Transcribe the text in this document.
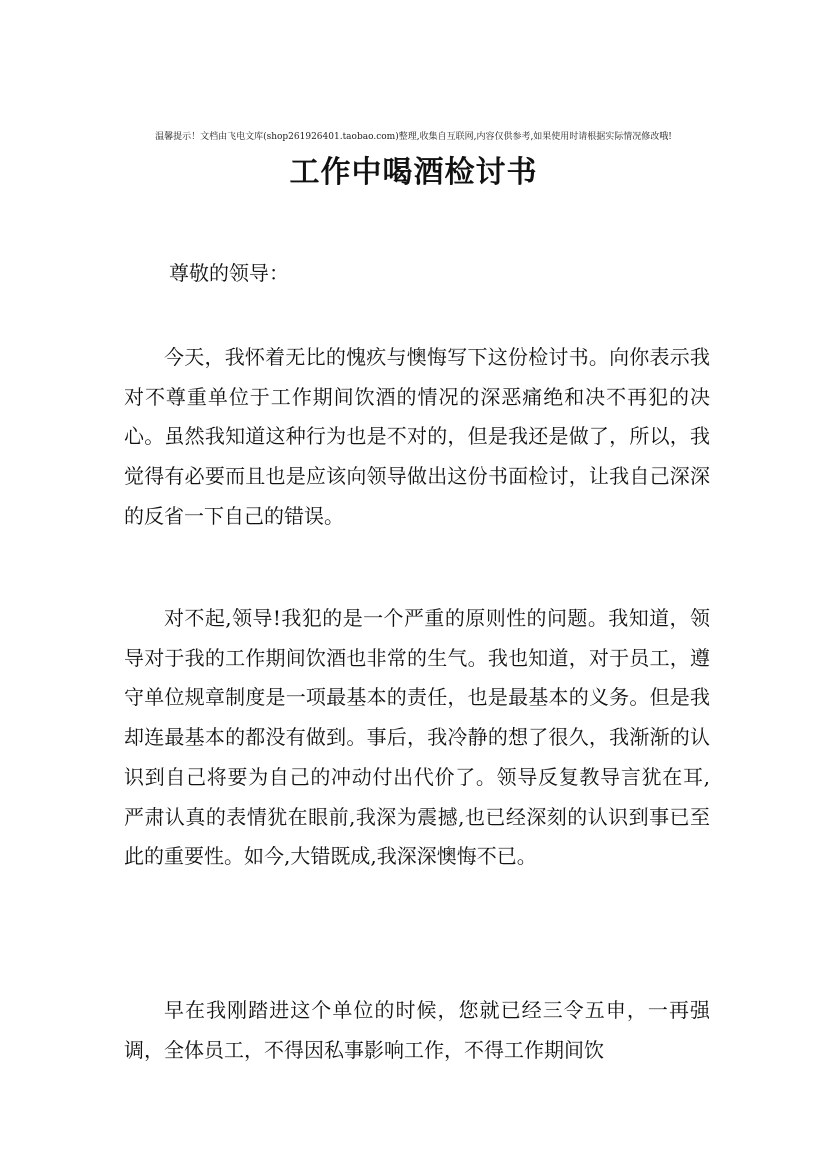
温馨提示！文档由飞电文库(shop261926401.taobao.com)整理,收集自互联网,内容仅供参考,如果使用时请根据实际情况修改哦!
工作中喝酒检讨书

尊敬的领导：

今天，我怀着无比的愧疚与懊悔写下这份检讨书。向你表示我对不尊重单位于工作期间饮酒的情况的深恶痛绝和决不再犯的决心。虽然我知道这种行为也是不对的，但是我还是做了，所以，我觉得有必要而且也是应该向领导做出这份书面检讨，让我自己深深的反省一下自己的错误。

对不起,领导!我犯的是一个严重的原则性的问题。我知道，领导对于我的工作期间饮酒也非常的生气。我也知道，对于员工，遵守单位规章制度是一项最基本的责任，也是最基本的义务。但是我却连最基本的都没有做到。事后，我冷静的想了很久，我渐渐的认识到自己将要为自己的冲动付出代价了。领导反复教导言犹在耳,严肃认真的表情犹在眼前,我深为震撼,也已经深刻的认识到事已至此的重要性。如今,大错既成,我深深懊悔不已。

早在我刚踏进这个单位的时候，您就已经三令五申，一再强调，全体员工，不得因私事影响工作，不得工作期间饮
